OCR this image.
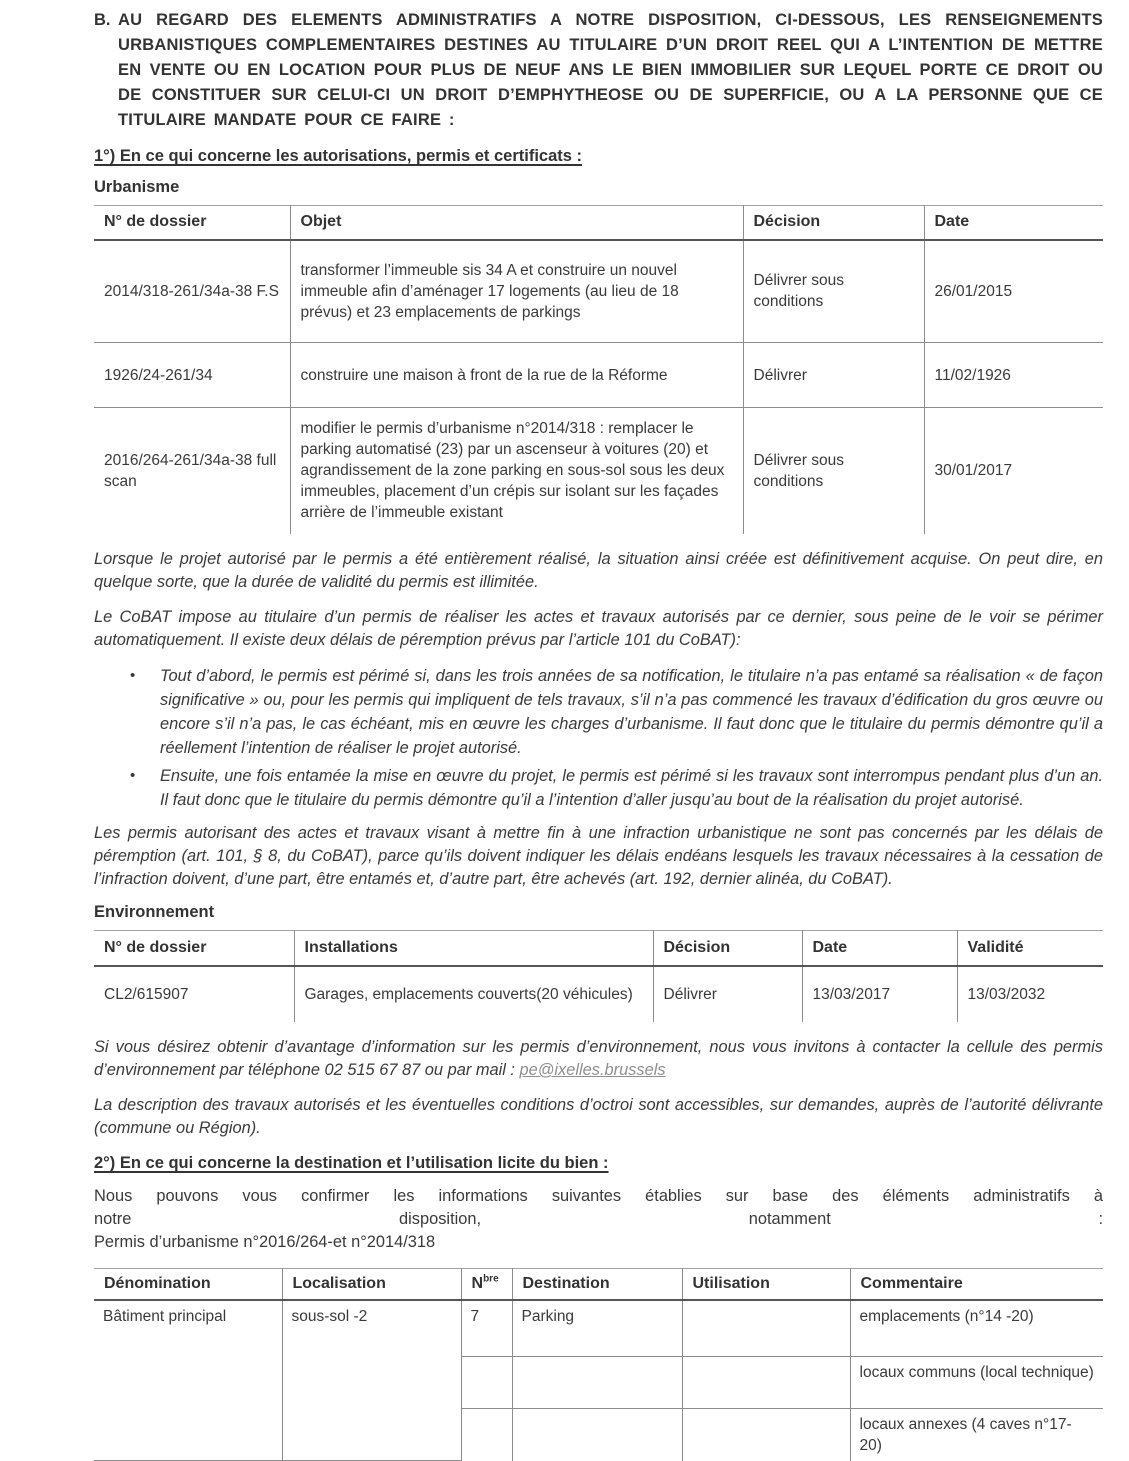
B. AU REGARD DES ELEMENTS ADMINISTRATIFS A NOTRE DISPOSITION, CI-DESSOUS, LES RENSEIGNEMENTS URBANISTIQUES COMPLEMENTAIRES DESTINES AU TITULAIRE D’UN DROIT REEL QUI A L’INTENTION DE METTRE EN VENTE OU EN LOCATION POUR PLUS DE NEUF ANS LE BIEN IMMOBILIER SUR LEQUEL PORTE CE DROIT OU DE CONSTITUER SUR CELUI-CI UN DROIT D’EMPHYTHEOSE OU DE SUPERFICIE, OU A LA PERSONNE QUE CE TITULAIRE MANDATE POUR CE FAIRE :

1°) En ce qui concerne les autorisations, permis et certificats :
Urbanisme
N° de dossier	Objet	Décision	Date
2014/318-261/34a-38 F.S	transformer l’immeuble sis 34 A et construire un nouvel immeuble afin d’aménager 17 logements (au lieu de 18 prévus) et 23 emplacements de parkings	Délivrer sous conditions	26/01/2015
1926/24-261/34	construire une maison à front de la rue de la Réforme	Délivrer	11/02/1926
2016/264-261/34a-38 full scan	modifier le permis d’urbanisme n°2014/318 : remplacer le parking automatisé (23) par un ascenseur à voitures (20) et agrandissement de la zone parking en sous-sol sous les deux immeubles, placement d’un crépis sur isolant sur les façades arrière de l’immeuble existant	Délivrer sous conditions	30/01/2017

Lorsque le projet autorisé par le permis a été entièrement réalisé, la situation ainsi créée est définitivement acquise. On peut dire, en quelque sorte, que la durée de validité du permis est illimitée.

Le CoBAT impose au titulaire d’un permis de réaliser les actes et travaux autorisés par ce dernier, sous peine de le voir se périmer automatiquement. Il existe deux délais de péremption prévus par l’article 101 du CoBAT):

•	Tout d’abord, le permis est périmé si, dans les trois années de sa notification, le titulaire n’a pas entamé sa réalisation « de façon significative » ou, pour les permis qui impliquent de tels travaux, s’il n’a pas commencé les travaux d’édification du gros œuvre ou encore s’il n’a pas, le cas échéant, mis en œuvre les charges d’urbanisme. Il faut donc que le titulaire du permis démontre qu’il a réellement l’intention de réaliser le projet autorisé.

•	Ensuite, une fois entamée la mise en œuvre du projet, le permis est périmé si les travaux sont interrompus pendant plus d’un an. Il faut donc que le titulaire du permis démontre qu’il a l’intention d’aller jusqu’au bout de la réalisation du projet autorisé.

Les permis autorisant des actes et travaux visant à mettre fin à une infraction urbanistique ne sont pas concernés par les délais de péremption (art. 101, § 8, du CoBAT), parce qu’ils doivent indiquer les délais endéans lesquels les travaux nécessaires à la cessation de l’infraction doivent, d’une part, être entamés et, d’autre part, être achevés (art. 192, dernier alinéa, du CoBAT).

Environnement
N° de dossier	Installations	Décision	Date	Validité
CL2/615907	Garages, emplacements couverts(20 véhicules)	Délivrer	13/03/2017	13/03/2032

Si vous désirez obtenir d’avantage d’information sur les permis d’environnement, nous vous invitons à contacter la cellule des permis d’environnement par téléphone 02 515 67 87 ou par mail : pe@ixelles.brussels

La description des travaux autorisés et les éventuelles conditions d’octroi sont accessibles, sur demandes, auprès de l’autorité délivrante (commune ou Région).

2°) En ce qui concerne la destination et l’utilisation licite du bien :
Nous pouvons vous confirmer les informations suivantes établies sur base des éléments administratifs à
notre	disposition,	notamment	:
Permis d’urbanisme n°2016/264-et n°2014/318
Dénomination	Localisation	$N^{bre}$	Destination	Utilisation	Commentaire
Bâtiment principal	sous-sol -2	7	Parking		emplacements (n°14 -20)
					locaux communs (local technique)
					locaux annexes (4 caves n°17-20)
